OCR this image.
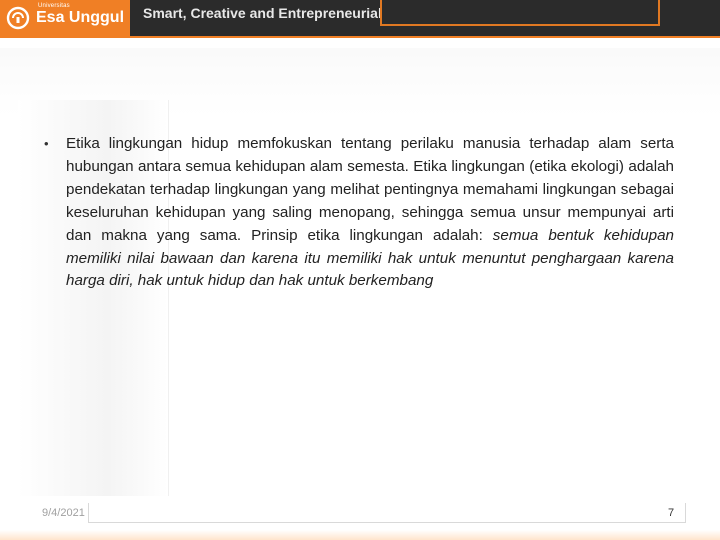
Universitas
Esa Unggul Smart, Creative and Entrepreneurial
•	Etika lingkungan hidup memfokuskan tentang perilaku manusia terhadap alam serta hubungan antara semua kehidupan alam semesta. Etika lingkungan (etika ekologi) adalah pendekatan terhadap lingkungan yang melihat pentingnya memahami lingkungan sebagai keseluruhan kehidupan yang saling menopang, sehingga semua unsur mempunyai arti dan makna yang sama. Prinsip etika lingkungan adalah: semua bentuk kehidupan memiliki nilai bawaan dan karena itu memiliki hak untuk menuntut penghargaan karena harga diri, hak untuk hidup dan hak untuk berkembang

9/4/2021	7
